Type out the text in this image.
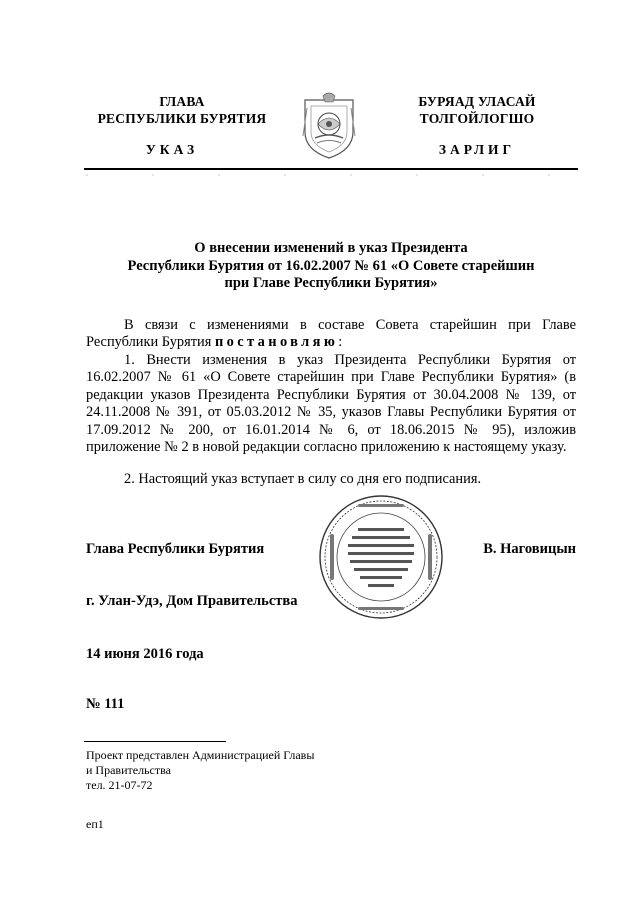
ГЛАВА
РЕСПУБЛИКИ БУРЯТИЯ
УКАЗ
БУРЯАД УЛАСАЙ
ТОЛГОЙЛОГШО
ЗАРЛИГ
О внесении изменений в указ Президента
Республики Бурятия от 16.02.2007 № 61 «О Совете старейшин
при Главе Республики Бурятия»
В связи с изменениями в составе Совета старейшин при Главе Республики Бурятия постановляю:
1. Внести изменения в указ Президента Республики Бурятия от 16.02.2007 № 61 «О Совете старейшин при Главе Республики Бурятия» (в редакции указов Президента Республики Бурятия от 30.04.2008 № 139, от 24.11.2008 № 391, от 05.03.2012 № 35, указов Главы Республики Бурятия от 17.09.2012 № 200, от 16.01.2014 № 6, от 18.06.2015 № 95), изложив приложение № 2 в новой редакции согласно приложению к настоящему указу.
2. Настоящий указ вступает в силу со дня его подписания.
Глава Республики Бурятия	В. Наговицын
г. Улан-Удэ, Дом Правительства
14 июня 2016 года
№ 111
Проект представлен Администрацией Главы
и Правительства
тел. 21-07-72
еп1
